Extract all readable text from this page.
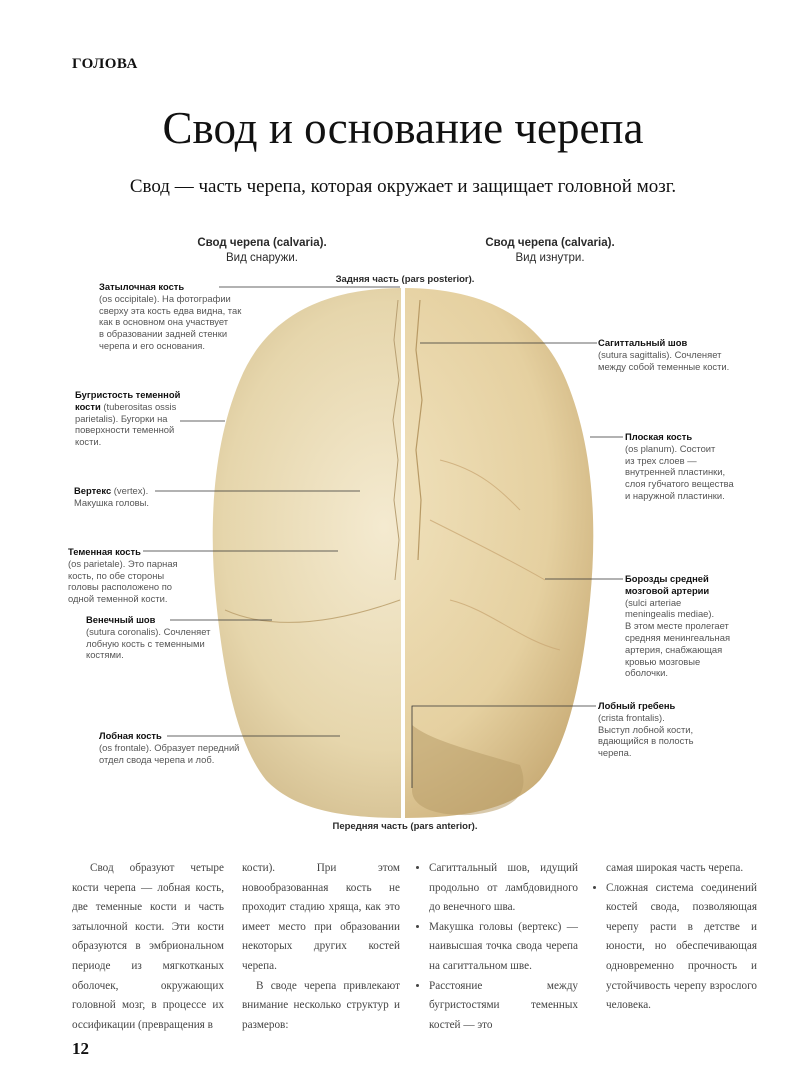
ГОЛОВА
Свод и основание черепа
Свод — часть черепа, которая окружает и защищает головной мозг.
Свод черепа (calvaria).
Вид снаружи.
Свод черепа (calvaria).
Вид изнутри.
Задняя часть (pars posterior).
Передняя часть (pars anterior).
Затылочная кость
(os occipitale). На фотографии
сверху эта кость едва видна, так
как в основном она участвует
в образовании задней стенки
черепа и его основания.
Бугристость теменной
кости (tuberositas ossis
parietalis). Бугорки на
поверхности теменной
кости.
Вертекс (vertex).
Макушка головы.
Теменная кость
(os parietale). Это парная
кость, по обе стороны
головы расположено по
одной теменной кости.
Венечный шов
(sutura coronalis). Сочленяет
лобную кость с теменными
костями.
Лобная кость
(os frontale). Образует передний
отдел свода черепа и лоб.
Сагиттальный шов
(sutura sagittalis). Сочленяет
между собой теменные кости.
Плоская кость
(os planum). Состоит
из трех слоев —
внутренней пластинки,
слоя губчатого вещества
и наружной пластинки.
Борозды средней
мозговой артерии
(sulci arteriae
meningealis mediae).
В этом месте пролегает
средняя менингеальная
артерия, снабжающая
кровью мозговые
оболочки.
Лобный гребень
(crista frontalis).
Выступ лобной кости,
вдающийся в полость
черепа.
Свод образуют четыре кости черепа — лобная кость, две теменные кости и часть затылочной кости. Эти кости образуются в эмбриональном периоде из мягкотканых оболочек, окружающих головной мозг, в процессе их оссификации (превращения в
кости). При этом новообразованная кость не проходит стадию хряща, как это имеет место при образовании некоторых других костей черепа.
В своде черепа привлекают внимание несколько структур и размеров:
• Сагиттальный шов, идущий продольно от ламбдовидного до венечного шва.
• Макушка головы (вертекс) — наивысшая точка свода черепа на сагиттальном шве.
• Расстояние между бугристостями теменных костей — это
самая широкая часть черепа.
• Сложная система соединений костей свода, позволяющая черепу расти в детстве и юности, но обеспечивающая одновременно прочность и устойчивость черепу взрослого человека.
12
